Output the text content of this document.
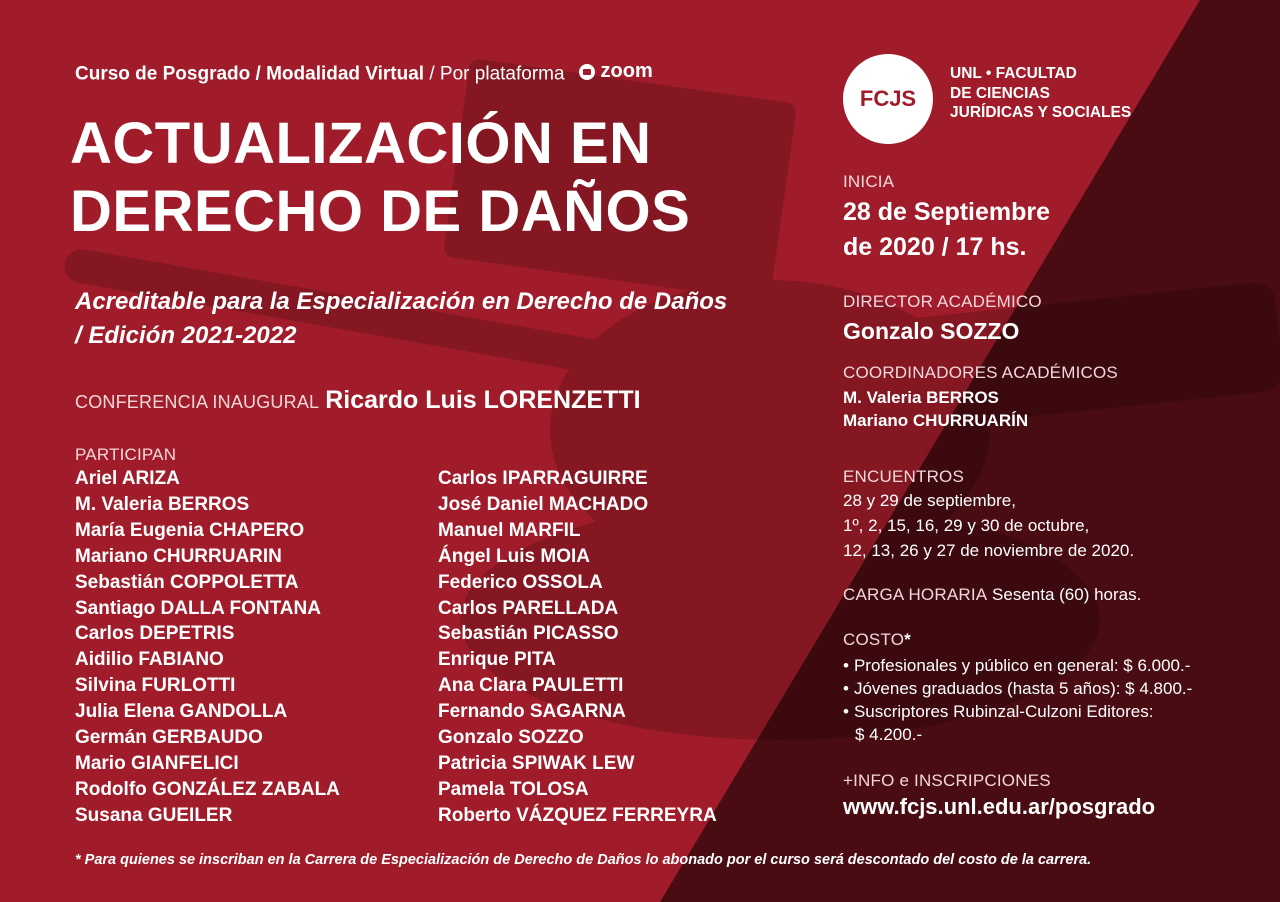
Curso de Posgrado / Modalidad Virtual / Por plataforma zoom

ACTUALIZACIÓN EN
DERECHO DE DAÑOS

Acreditable para la Especialización en Derecho de Daños
/ Edición 2021-2022

CONFERENCIA INAUGURAL Ricardo Luis LORENZETTI

PARTICIPAN

Ariel ARIZA
M. Valeria BERROS
María Eugenia CHAPERO
Mariano CHURRUARIN
Sebastián COPPOLETTA
Santiago DALLA FONTANA
Carlos DEPETRIS
Aidilio FABIANO
Silvina FURLOTTI
Julia Elena GANDOLLA
Germán GERBAUDO
Mario GIANFELICI
Rodolfo GONZÁLEZ ZABALA
Susana GUEILER
Carlos IPARRAGUIRRE
José Daniel MACHADO
Manuel MARFIL
Ángel Luis MOIA
Federico OSSOLA
Carlos PARELLADA
Sebastián PICASSO
Enrique PITA
Ana Clara PAULETTI
Fernando SAGARNA
Gonzalo SOZZO
Patricia SPIWAK LEW
Pamela TOLOSA
Roberto VÁZQUEZ FERREYRA
FCJS

UNL • FACULTAD
DE CIENCIAS
JURÍDICAS Y SOCIALES

INICIA

28 de Septiembre
de 2020 / 17 hs.

DIRECTOR ACADÉMICO

Gonzalo SOZZO

COORDINADORES ACADÉMICOS

M. Valeria BERROS
Mariano CHURRUARÍN

ENCUENTROS

28 y 29 de septiembre,
1º, 2, 15, 16, 29 y 30 de octubre,
12, 13, 26 y 27 de noviembre de 2020.

CARGA HORARIA Sesenta (60) horas.

COSTO*

• Profesionales y público en general: $ 6.000.-
• Jóvenes graduados (hasta 5 años): $ 4.800.-
• Suscriptores Rubinzal-Culzoni Editores:
$ 4.200.-

+INFO e INSCRIPCIONES

www.fcjs.unl.edu.ar/posgrado

* Para quienes se inscriban en la Carrera de Especialización de Derecho de Daños lo abonado por el curso será descontado del costo de la carrera.
